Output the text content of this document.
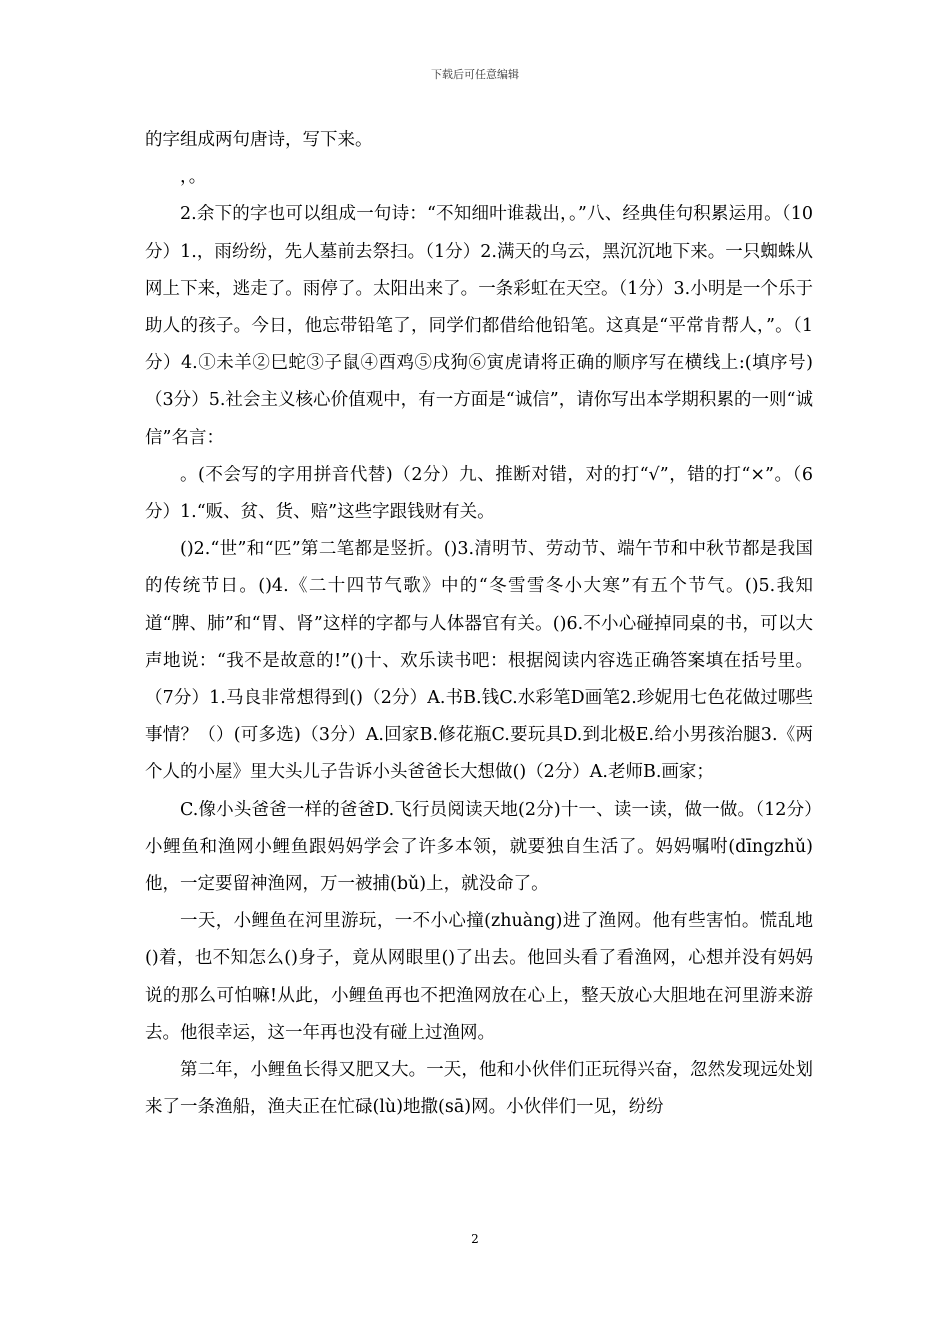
下载后可任意编辑

的字组成两句唐诗，写下来。

，。

2.余下的字也可以组成一句诗：“不知细叶谁裁出，。”八、经典佳句积累运用。（10分）1.，雨纷纷，先人墓前去祭扫。（1分）2.满天的乌云，黑沉沉地下来。一只蜘蛛从网上下来，逃走了。雨停了。太阳出来了。一条彩虹在天空。（1分）3.小明是一个乐于助人的孩子。今日，他忘带铅笔了，同学们都借给他铅笔。这真是“平常肯帮人，”。（1分）4.①未羊②巳蛇③子鼠④酉鸡⑤戌狗⑥寅虎请将正确的顺序写在横线上:(填序号)（3分）5.社会主义核心价值观中，有一方面是“诚信”，请你写出本学期积累的一则“诚信”名言：

。(不会写的字用拼音代替)（2分）九、推断对错，对的打“√”，错的打“×”。（6分）1.“贩、贫、货、赔”这些字跟钱财有关。

()2.“世”和“匹”第二笔都是竖折。()3.清明节、劳动节、端午节和中秋节都是我国的传统节日。()4.《二十四节气歌》中的“冬雪雪冬小大寒”有五个节气。()5.我知道“脾、肺”和“胃、肾”这样的字都与人体器官有关。()6.不小心碰掉同桌的书，可以大声地说：“我不是故意的!”()十、欢乐读书吧：根据阅读内容选正确答案填在括号里。（7分）1.马良非常想得到()（2分）A.书B.钱C.水彩笔D画笔2.珍妮用七色花做过哪些事情？（）(可多选)（3分）A.回家B.修花瓶C.要玩具D.到北极E.给小男孩治腿3.《两个人的小屋》里大头儿子告诉小头爸爸长大想做()（2分）A.老师B.画家；

C.像小头爸爸一样的爸爸D.飞行员阅读天地(2分)十一、读一读，做一做。（12分）小鲤鱼和渔网小鲤鱼跟妈妈学会了许多本领，就要独自生活了。妈妈嘱咐(dīngzhǔ)他，一定要留神渔网，万一被捕(bǔ)上，就没命了。

一天，小鲤鱼在河里游玩，一不小心撞(zhuàng)进了渔网。他有些害怕。慌乱地()着，也不知怎么()身子，竟从网眼里()了出去。他回头看了看渔网，心想并没有妈妈说的那么可怕嘛!从此，小鲤鱼再也不把渔网放在心上，整天放心大胆地在河里游来游去。他很幸运，这一年再也没有碰上过渔网。

第二年，小鲤鱼长得又肥又大。一天，他和小伙伴们正玩得兴奋，忽然发现远处划来了一条渔船，渔夫正在忙碌(lù)地撒(sā)网。小伙伴们一见，纷纷

2
